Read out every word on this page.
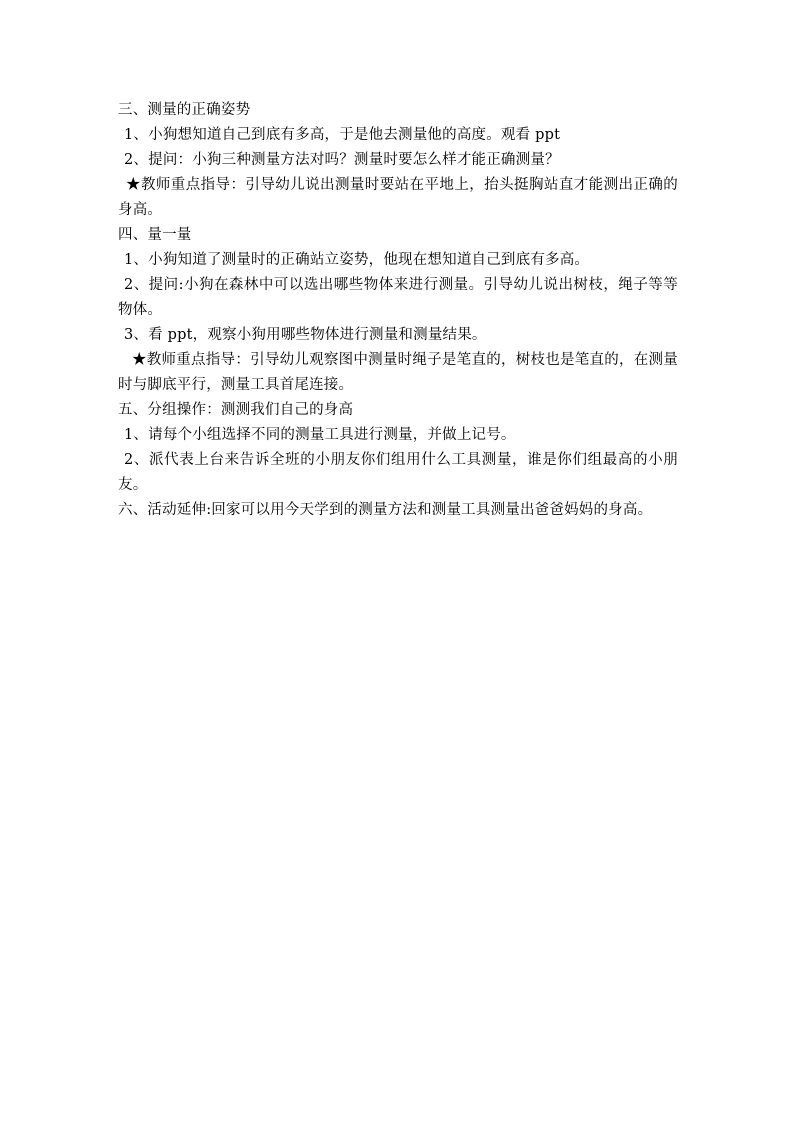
三、测量的正确姿势

1、小狗想知道自己到底有多高，于是他去测量他的高度。观看 ppt

2、提问：小狗三种测量方法对吗？测量时要怎么样才能正确测量？

★教师重点指导：引导幼儿说出测量时要站在平地上，抬头挺胸站直才能测出正确的身高。

四、量一量

1、小狗知道了测量时的正确站立姿势，他现在想知道自己到底有多高。

2、提问:小狗在森林中可以选出哪些物体来进行测量。引导幼儿说出树枝，绳子等等物体。

3、看 ppt，观察小狗用哪些物体进行测量和测量结果。

★教师重点指导：引导幼儿观察图中测量时绳子是笔直的，树枝也是笔直的，在测量时与脚底平行，测量工具首尾连接。

五、分组操作：测测我们自己的身高

1、请每个小组选择不同的测量工具进行测量，并做上记号。

2、派代表上台来告诉全班的小朋友你们组用什么工具测量，谁是你们组最高的小朋友。

六、活动延伸:回家可以用今天学到的测量方法和测量工具测量出爸爸妈妈的身高。
